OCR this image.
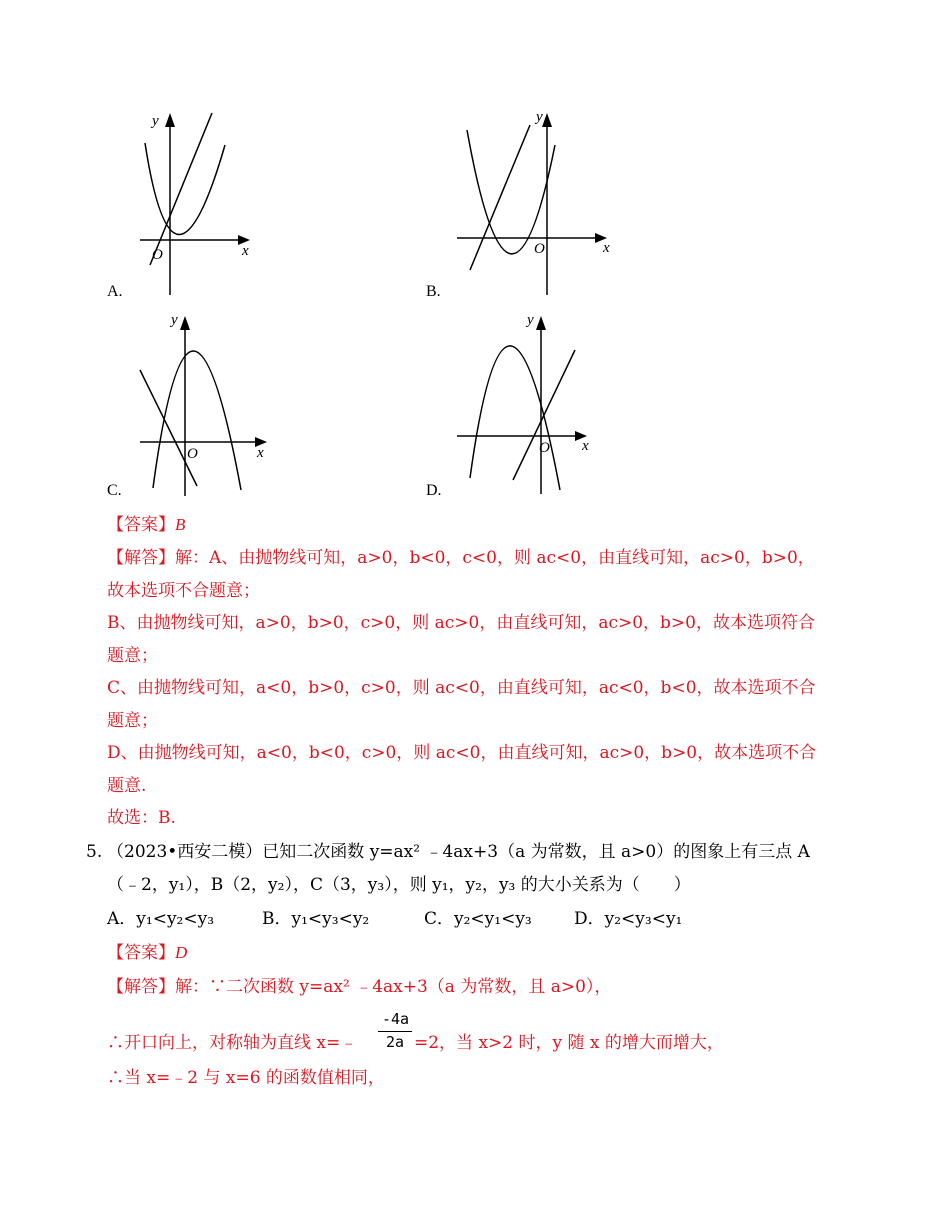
y
x
O
A.
y
x
O
B.
y
x
O
C.
y
x
O
D.
【答案】B
【解答】解：A、由抛物线可知，a>0，b<0，c<0，则 ac<0，由直线可知，ac>0，b>0，
故本选项不合题意；
B、由抛物线可知，a>0，b>0，c>0，则 ac>0，由直线可知，ac>0，b>0，故本选项符合
题意；
C、由抛物线可知，a<0，b>0，c>0，则 ac<0，由直线可知，ac<0，b<0，故本选项不合
题意；
D、由抛物线可知，a<0，b<0，c>0，则 ac<0，由直线可知，ac>0，b>0，故本选项不合
题意.
故选：B.
5. （2023•西安二模）已知二次函数 y=ax² ﹣4ax+3（a 为常数，且 a>0）的图象上有三点 A
（﹣2，y₁），B（2，y₂），C（3，y₃），则 y₁，y₂，y₃ 的大小关系为（　　）
A．y₁<y₂<y₃	B．y₁<y₃<y₂	C．y₂<y₁<y₃ D．y₂<y₃<y₁
【答案】D
【解答】解：∵二次函数 y=ax² ﹣4ax+3（a 为常数，且 a>0），
-4a
2a
∴开口向上，对称轴为直线 x=﹣	=2，当 x>2 时，y 随 x 的增大而增大，
∴当 x=﹣2 与 x=6 的函数值相同，
